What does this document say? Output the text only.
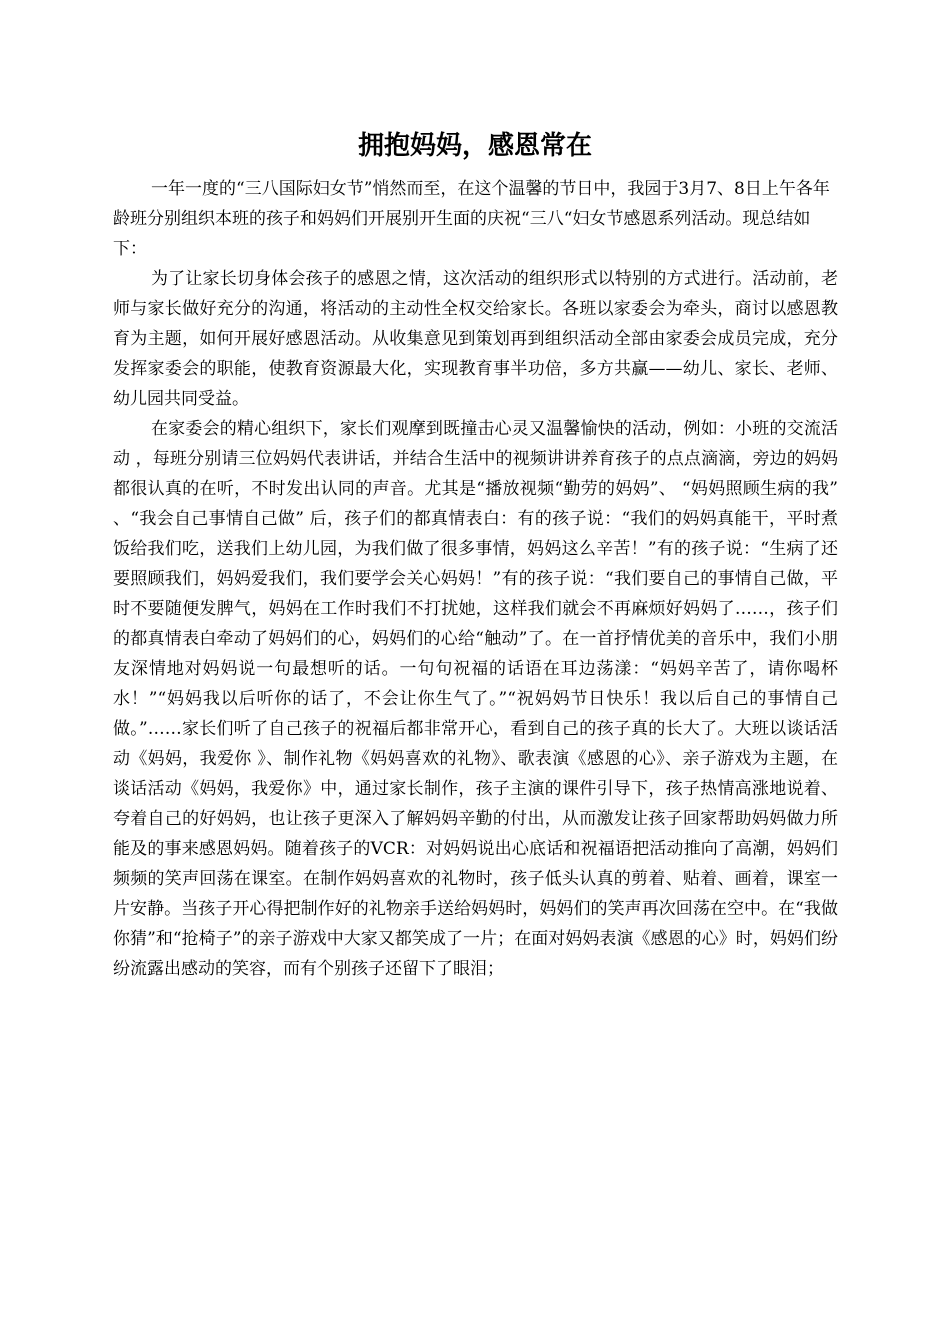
拥抱妈妈，感恩常在

一年一度的“三八国际妇女节”悄然而至，在这个温馨的节日中，我园于3月7、8日上午各年龄班分别组织本班的孩子和妈妈们开展别开生面的庆祝“三八“妇女节感恩系列活动。现总结如下：

为了让家长切身体会孩子的感恩之情，这次活动的组织形式以特别的方式进行。活动前，老师与家长做好充分的沟通，将活动的主动性全权交给家长。各班以家委会为牵头，商讨以感恩教育为主题，如何开展好感恩活动。从收集意见到策划再到组织活动全部由家委会成员完成，充分发挥家委会的职能，使教育资源最大化，实现教育事半功倍，多方共赢——幼儿、家长、老师、幼儿园共同受益。

在家委会的精心组织下，家长们观摩到既撞击心灵又温馨愉快的活动，例如：小班的交流活动 ，每班分别请三位妈妈代表讲话，并结合生活中的视频讲讲养育孩子的点点滴滴，旁边的妈妈都很认真的在听，不时发出认同的声音。尤其是“播放视频“勤劳的妈妈”、 “妈妈照顾生病的我” 、“我会自己事情自己做” 后，孩子们的都真情表白：有的孩子说：“我们的妈妈真能干，平时煮饭给我们吃，送我们上幼儿园，为我们做了很多事情，妈妈这么辛苦！”有的孩子说：“生病了还要照顾我们，妈妈爱我们，我们要学会关心妈妈！”有的孩子说：“我们要自己的事情自己做，平时不要随便发脾气，妈妈在工作时我们不打扰她，这样我们就会不再麻烦好妈妈了……，孩子们的都真情表白牵动了妈妈们的心，妈妈们的心给“触动”了。在一首抒情优美的音乐中，我们小朋友深情地对妈妈说一句最想听的话。一句句祝福的话语在耳边荡漾：“妈妈辛苦了，请你喝杯水！”“妈妈我以后听你的话了，不会让你生气了。”“祝妈妈节日快乐！我以后自己的事情自己做。”……家长们听了自己孩子的祝福后都非常开心，看到自己的孩子真的长大了。大班以谈话活动《妈妈，我爱你 》、制作礼物《妈妈喜欢的礼物》、歌表演《感恩的心》、亲子游戏为主题，在谈话活动《妈妈，我爱你》中，通过家长制作，孩子主演的课件引导下，孩子热情高涨地说着、夸着自己的好妈妈，也让孩子更深入了解妈妈辛勤的付出，从而激发让孩子回家帮助妈妈做力所能及的事来感恩妈妈。随着孩子的VCR：对妈妈说出心底话和祝福语把活动推向了高潮，妈妈们频频的笑声回荡在课室。在制作妈妈喜欢的礼物时，孩子低头认真的剪着、贴着、画着，课室一片安静。当孩子开心得把制作好的礼物亲手送给妈妈时，妈妈们的笑声再次回荡在空中。在“我做你猜”和“抢椅子”的亲子游戏中大家又都笑成了一片；在面对妈妈表演《感恩的心》时，妈妈们纷纷流露出感动的笑容，而有个别孩子还留下了眼泪；
